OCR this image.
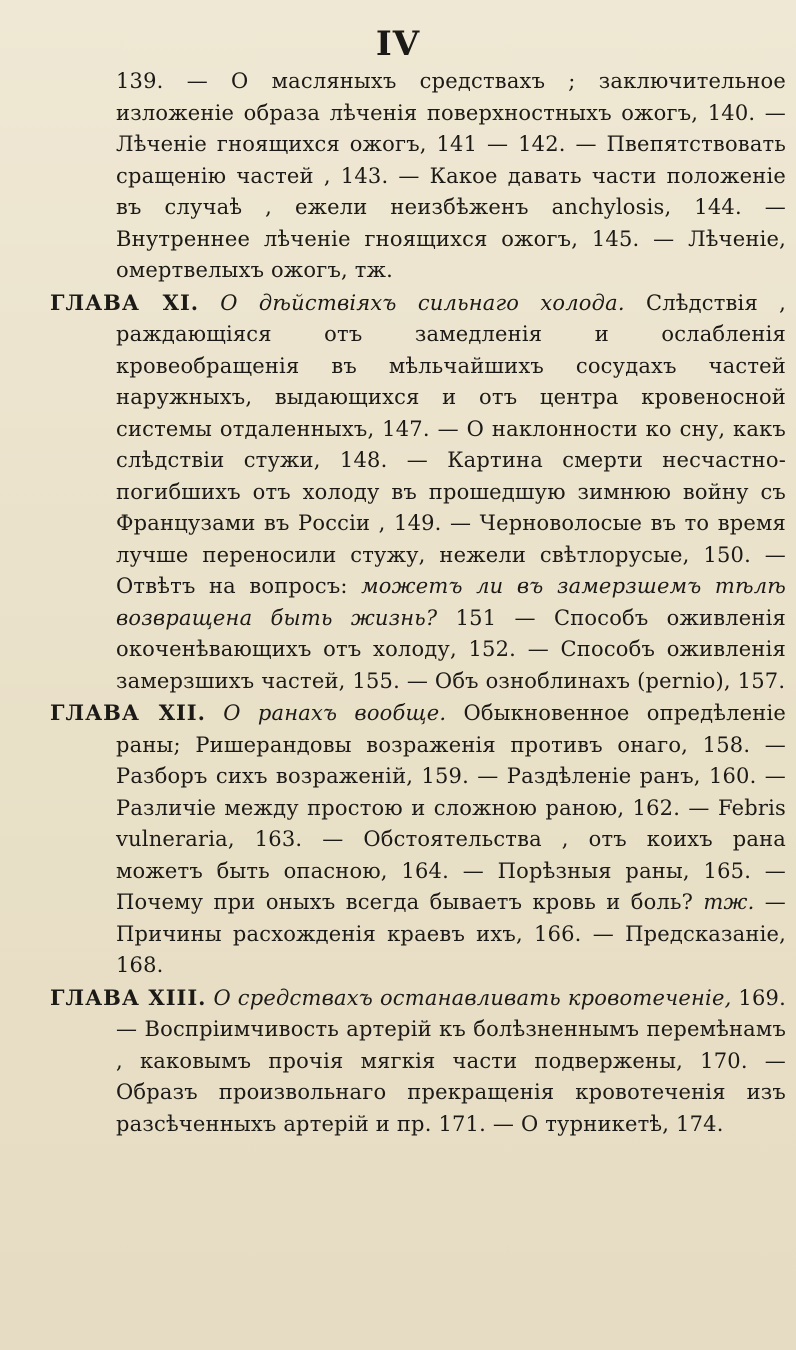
IV

139. — О масляныхъ средствахъ ; заключительное изложеніе образа лѣченія поверхностныхъ ожогъ, 140. — Лѣченіе гноящихся ожогъ, 141 — 142. — Пвепятствовать сращенію частей , 143. — Какое давать части положеніе въ случаѣ , ежели неизбѣженъ anchylosis, 144. — Внутреннее лѣченіе гноящихся ожогъ, 145. — Лѣченіе, омертвелыхъ ожогъ, тж.

ГЛАВА XI. О дѣйствіяхъ сильнаго холода. Слѣдствія , раждающіяся отъ замедленія и ослабленія кровеобращенія въ мѣльчайшихъ сосудахъ частей наружныхъ, выдающихся и отъ центра кровеносной системы отдаленныхъ, 147. — О наклонности ко сну, какъ слѣдствіи стужи, 148. — Картина смерти несчастно-погибшихъ отъ холоду въ прошедшую зимнюю войну съ Французами въ Россіи , 149. — Черноволосые въ то время лучше переносили стужу, нежели свѣтлорусые, 150. — Отвѣтъ на вопросъ: можетъ ли въ замерзшемъ тѣлѣ возвращена быть жизнь? 151 — Способъ оживленія окоченѣвающихъ отъ холоду, 152. — Способъ оживленія замерзшихъ частей, 155. — Объ озноблинахъ (pernio), 157.

ГЛАВА XII. О ранахъ вообще. Обыкновенное опредѣленіе раны; Ришерандовы возраженія противъ онаго, 158. — Разборъ сихъ возраженій, 159. — Раздѣленіе ранъ, 160. — Различіе между простою и сложною раною, 162. — Febris vulneraria, 163. — Обстоятельства , отъ коихъ рана можетъ быть опасною, 164. — Порѣзныя раны, 165. — Почему при оныхъ всегда бываетъ кровь и боль? тж. — Причины расхожденія краевъ ихъ, 166. — Предсказаніе, 168.

ГЛАВА XIII. О средствахъ останавливать кровотеченіе, 169. — Воспріимчивость артерій къ болѣзненнымъ перемѣнамъ , каковымъ прочія мягкія части подвержены, 170. — Образъ произвольнаго прекращенія кровотеченія изъ разсѣченныхъ артерій и пр. 171. — О турникетѣ, 174.
